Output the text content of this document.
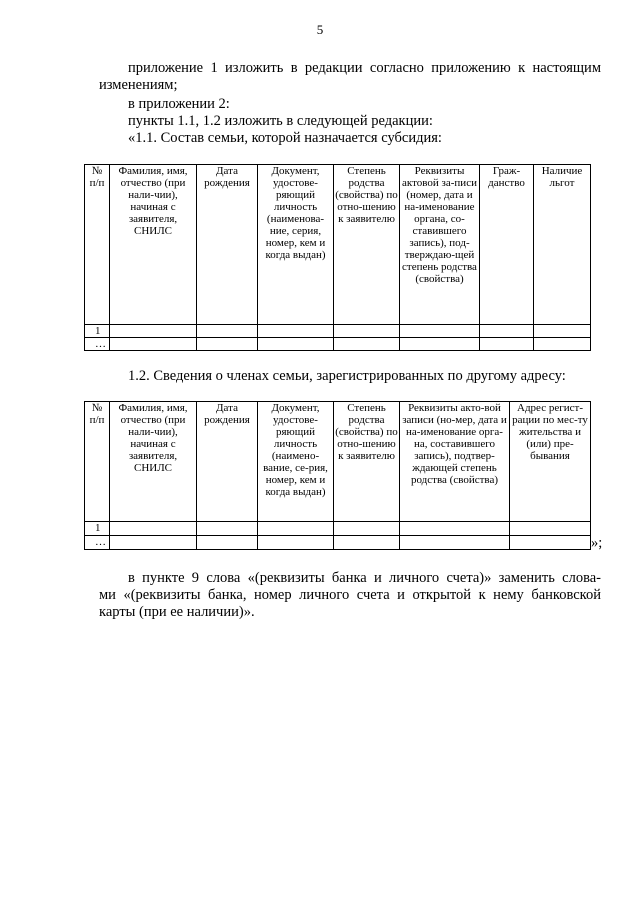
5

приложение 1 изложить в редакции согласно приложению к настоящим
изменениям;

в приложении 2:

пункты 1.1, 1.2 изложить в следующей редакции:

«1.1. Состав семьи, которой назначается субсидия:

№ п/п	Фамилия, имя, отчество (при нали-чии), начиная с заявителя, СНИЛС	Дата рождения	Документ, удостове-ряющий личность (наименова-ние, серия, номер, кем и когда выдан)	Степень родства (свойства) по отно-шению к заявителю	Реквизиты актовой за-писи (номер, дата и на-именование органа, со-ставившего запись), под-тверждаю-щей степень родства (свойства)	Граж-данство	Наличие льгот
1							
…							

1.2. Сведения о членах семьи, зарегистрированных по другому адресу:

№ п/п	Фамилия, имя, отчество (при нали-чии), начиная с заявителя, СНИЛС	Дата рождения	Документ, удостове-ряющий личность (наимено-вание, се-рия, номер, кем и когда выдан)	Степень родства (свойства) по отно-шению к заявителю	Реквизиты акто-вой записи (но-мер, дата и на-именование орга-на, составившего запись), подтвер-ждающей степень родства (свойства)	Адрес регист-рации по мес-ту жительства и (или) пре-бывания
1						
…							»;

в пункте 9 слова «(реквизиты банка и личного счета)» заменить слова-
ми «(реквизиты банка, номер личного счета и открытой к нему банковской
карты (при ее наличии)».
